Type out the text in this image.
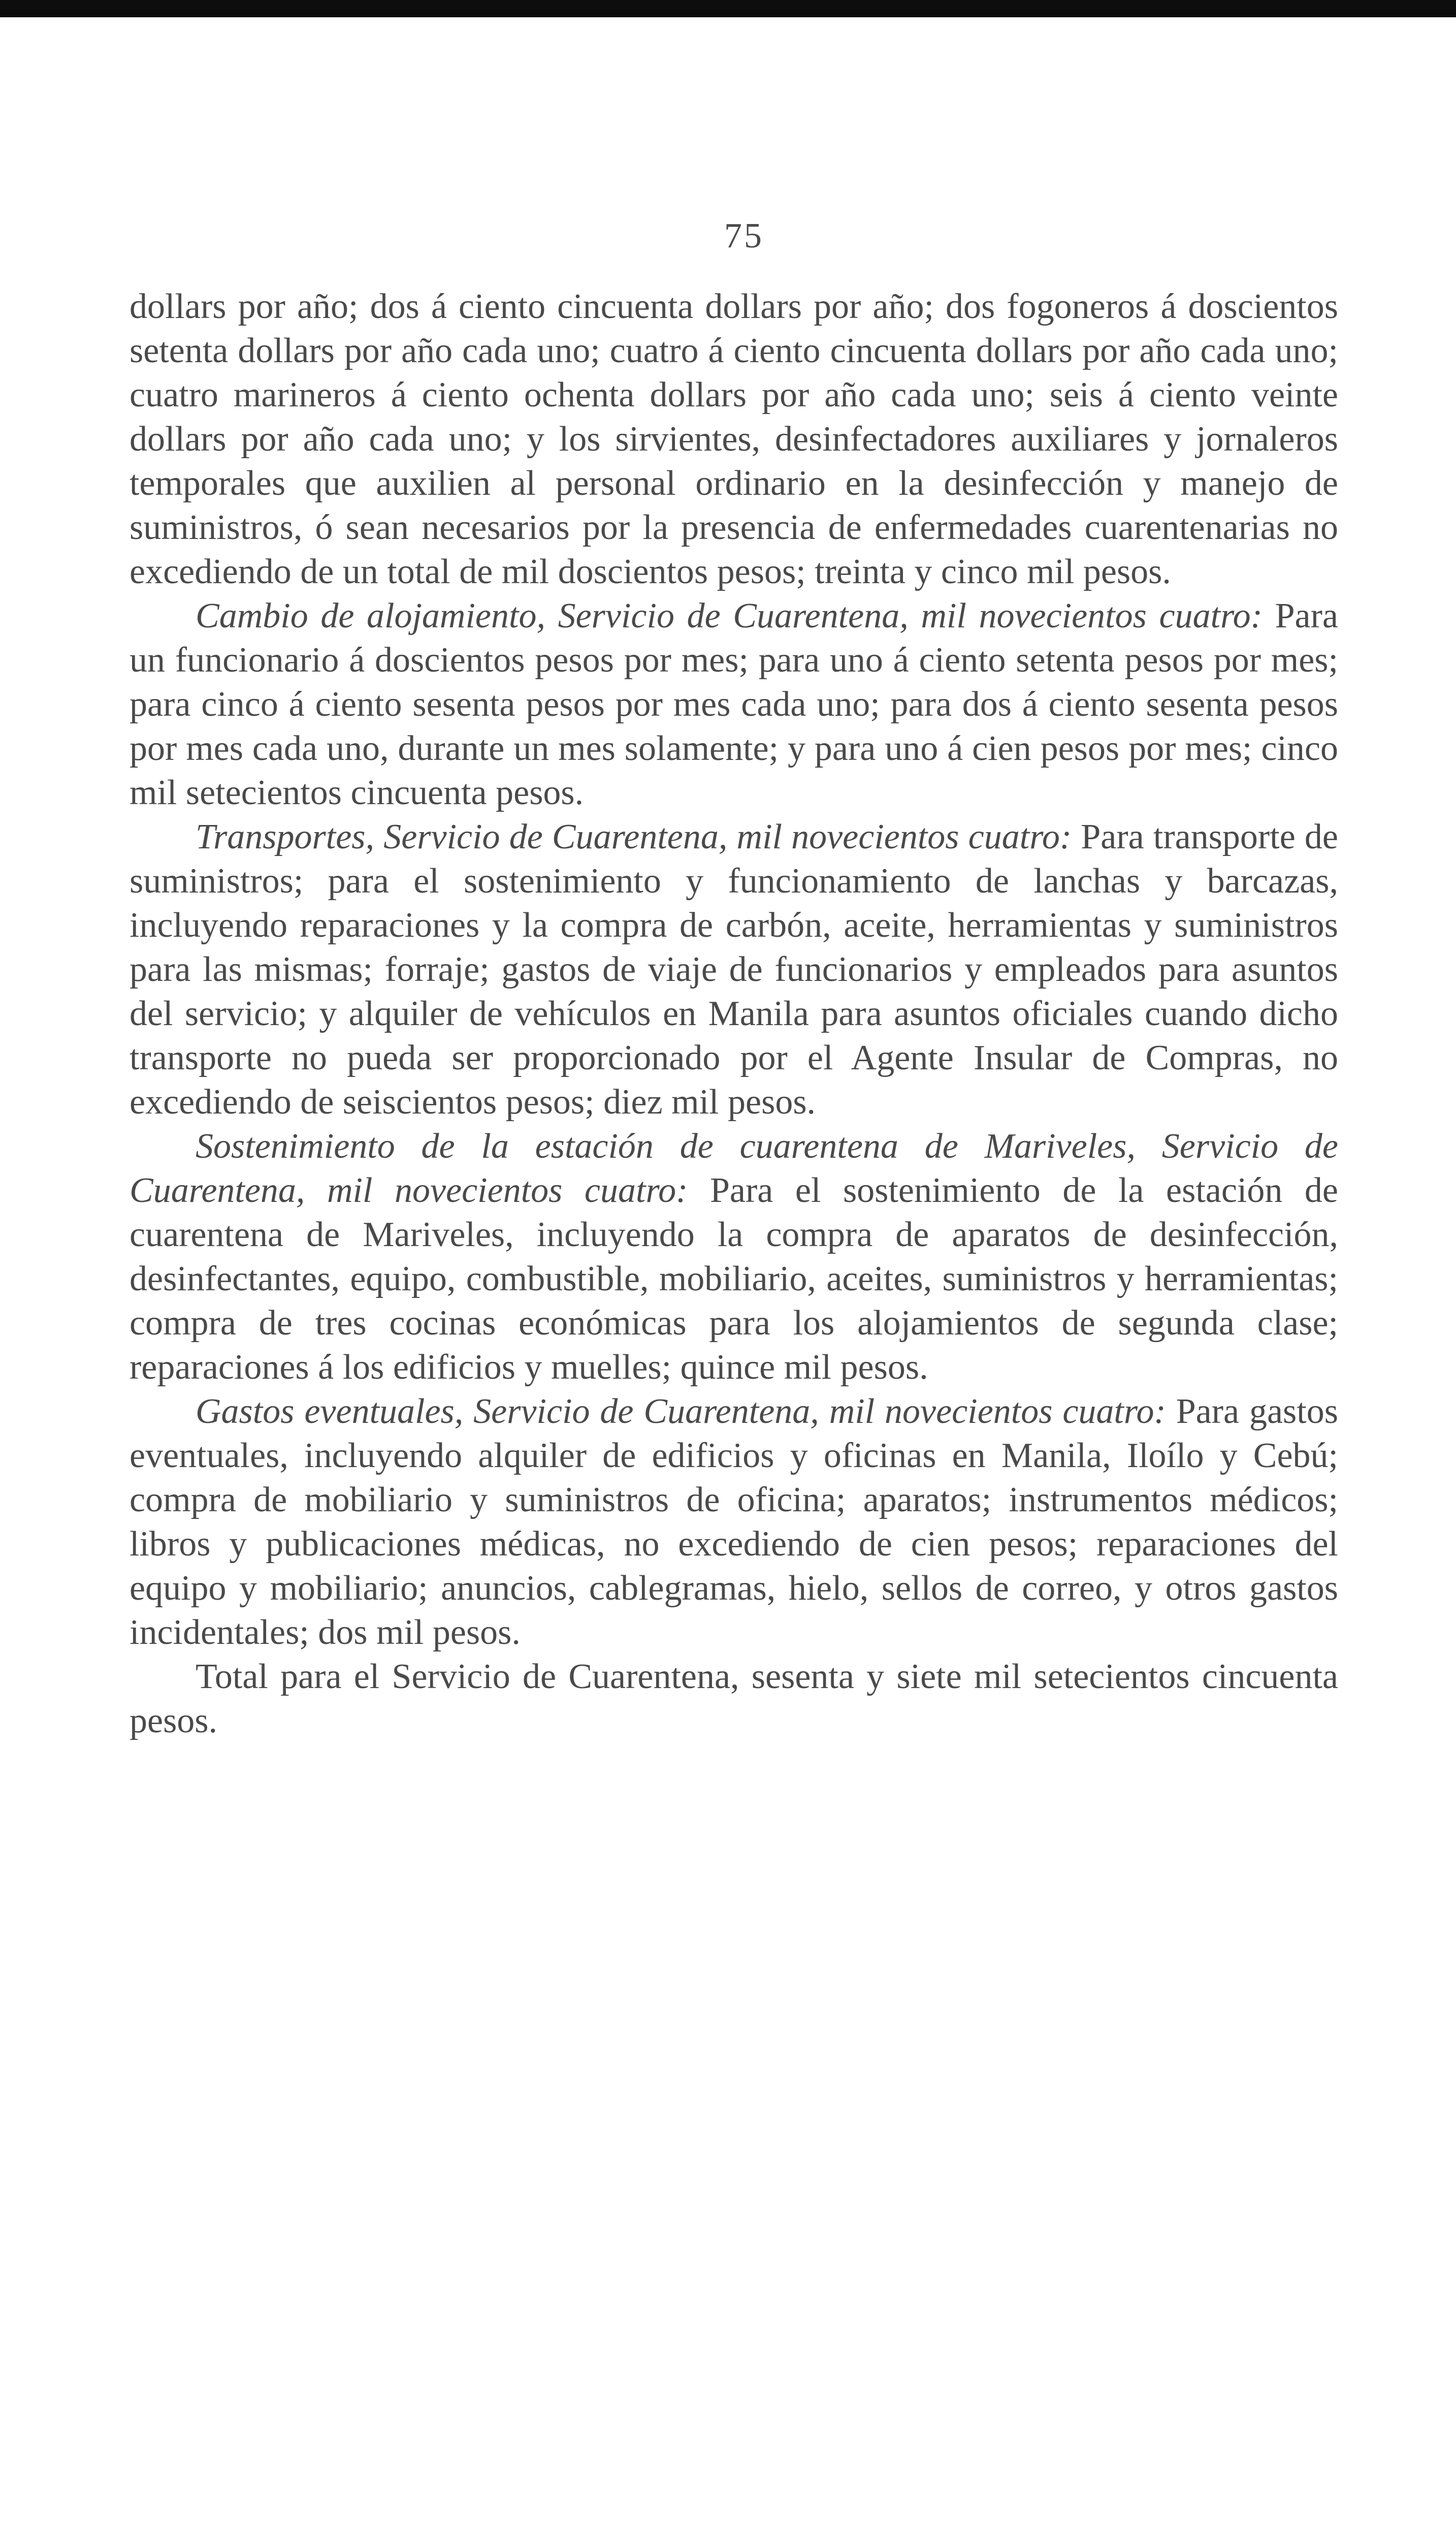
75

dollars por año; dos á ciento cincuenta dollars por año; dos fogoneros á doscientos setenta dollars por año cada uno; cuatro á ciento cincuenta dollars por año cada uno; cuatro marineros á ciento ochenta dollars por año cada uno; seis á ciento veinte dollars por año cada uno; y los sirvientes, desinfectadores auxiliares y jornaleros temporales que auxilien al personal ordinario en la desinfección y manejo de suministros, ó sean necesarios por la presencia de enfermedades cuarentenarias no excediendo de un total de mil doscientos pesos; treinta y cinco mil pesos.

Cambio de alojamiento, Servicio de Cuarentena, mil novecientos cuatro: Para un funcionario á doscientos pesos por mes; para uno á ciento setenta pesos por mes; para cinco á ciento sesenta pesos por mes cada uno; para dos á ciento sesenta pesos por mes cada uno, durante un mes solamente; y para uno á cien pesos por mes; cinco mil setecientos cincuenta pesos.

Transportes, Servicio de Cuarentena, mil novecientos cuatro: Para transporte de suministros; para el sostenimiento y funcionamiento de lanchas y barcazas, incluyendo reparaciones y la compra de carbón, aceite, herramientas y suministros para las mismas; forraje; gastos de viaje de funcionarios y empleados para asuntos del servicio; y alquiler de vehículos en Manila para asuntos oficiales cuando dicho transporte no pueda ser proporcionado por el Agente Insular de Compras, no excediendo de seiscientos pesos; diez mil pesos.

Sostenimiento de la estación de cuarentena de Mariveles, Servicio de Cuarentena, mil novecientos cuatro: Para el sostenimiento de la estación de cuarentena de Mariveles, incluyendo la compra de aparatos de desinfección, desinfectantes, equipo, combustible, mobiliario, aceites, suministros y herramientas; compra de tres cocinas económicas para los alojamientos de segunda clase; reparaciones á los edificios y muelles; quince mil pesos.

Gastos eventuales, Servicio de Cuarentena, mil novecientos cuatro: Para gastos eventuales, incluyendo alquiler de edificios y oficinas en Manila, Iloílo y Cebú; compra de mobiliario y suministros de oficina; aparatos; instrumentos médicos; libros y publicaciones médicas, no excediendo de cien pesos; reparaciones del equipo y mobiliario; anuncios, cablegramas, hielo, sellos de correo, y otros gastos incidentales; dos mil pesos.

Total para el Servicio de Cuarentena, sesenta y siete mil setecientos cincuenta pesos.
